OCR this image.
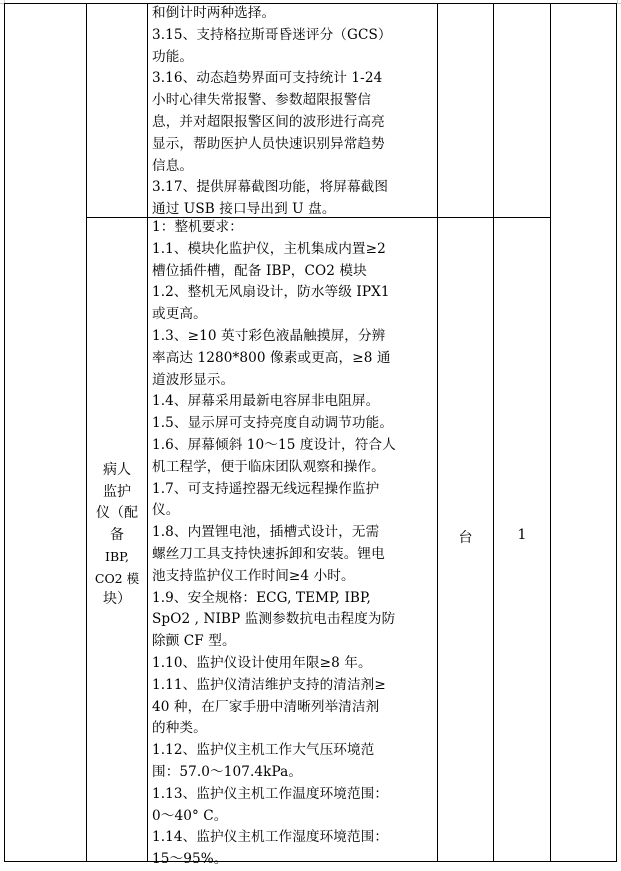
和倒计时两种选择。
3.15、支持格拉斯哥昏迷评分（GCS）
功能。
3.16、动态趋势界面可支持统计 1-24
小时心律失常报警、参数超限报警信
息，并对超限报警区间的波形进行高亮
显示，帮助医护人员快速识别异常趋势
信息。
3.17、提供屏幕截图功能，将屏幕截图
通过 USB 接口导出到 U 盘。
病人
监护
仪（配
备
IBP,
CO2 模
块）
1：整机要求：
1.1、模块化监护仪，主机集成内置≥2
槽位插件槽，配备 IBP，CO2 模块
1.2、整机无风扇设计，防水等级 IPX1
或更高。
1.3、≥10 英寸彩色液晶触摸屏，分辨
率高达 1280*800 像素或更高，≥8 通
道波形显示。
1.4、屏幕采用最新电容屏非电阻屏。
1.5、显示屏可支持亮度自动调节功能。
1.6、屏幕倾斜 10～15 度设计，符合人
机工程学，便于临床团队观察和操作。
1.7、可支持遥控器无线远程操作监护
仪。
1.8、内置锂电池，插槽式设计，无需
螺丝刀工具支持快速拆卸和安装。锂电
池支持监护仪工作时间≥4 小时。
1.9、安全规格：ECG, TEMP, IBP,
SpO2 , NIBP 监测参数抗电击程度为防
除颤 CF 型。
1.10、监护仪设计使用年限≥8 年。
1.11、监护仪清洁维护支持的清洁剂≥
40 种，在厂家手册中清晰列举清洁剂
的种类。
1.12、监护仪主机工作大气压环境范
围：57.0～107.4kPa。
1.13、监护仪主机工作温度环境范围：
0～40° C。
1.14、监护仪主机工作湿度环境范围：
15～95%。
台	1
